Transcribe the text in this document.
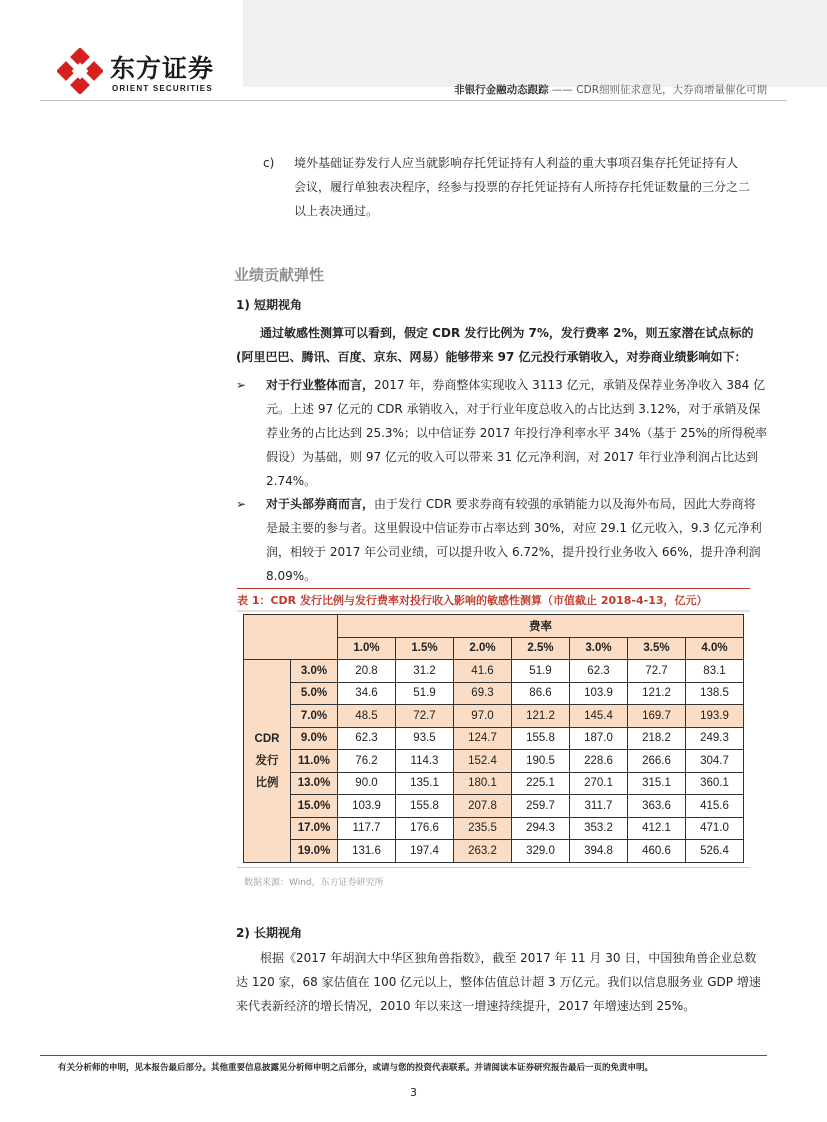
东方证券
ORIENT SECURITIES	非银行金融动态跟踪 —— CDR细则征求意见，大券商增量催化可期
c) 境外基础证券发行人应当就影响存托凭证持有人利益的重大事项召集存托凭证持有人
会议，履行单独表决程序，经参与投票的存托凭证持有人所持存托凭证数量的三分之二
以上表决通过。
业绩贡献弹性
1) 短期视角
通过敏感性测算可以看到，假定 CDR 发行比例为 7%，发行费率 2%，则五家潜在试点标的
(阿里巴巴、腾讯、百度、京东、网易）能够带来 97 亿元投行承销收入，对券商业绩影响如下：
➢ 对于行业整体而言，2017 年，券商整体实现收入 3113 亿元，承销及保荐业务净收入 384 亿
元。上述 97 亿元的 CDR 承销收入，对于行业年度总收入的占比达到 3.12%，对于承销及保
荐业务的占比达到 25.3%；以中信证券 2017 年投行净利率水平 34%（基于 25%的所得税率
假设）为基础，则 97 亿元的收入可以带来 31 亿元净利润，对 2017 年行业净利润占比达到
2.74%。
➢ 对于头部券商而言，由于发行 CDR 要求券商有较强的承销能力以及海外布局，因此大券商将
是最主要的参与者。这里假设中信证券市占率达到 30%，对应 29.1 亿元收入，9.3 亿元净利
润，相较于 2017 年公司业绩，可以提升收入 6.72%，提升投行业务收入 66%，提升净利润
8.09%。
表 1：CDR 发行比例与发行费率对投行收入影响的敏感性测算（市值截止 2018-4-13，亿元）
		费率						
		1.0%	1.5%	2.0%	2.5%	3.0%	3.5%	4.0%

CDR
发行
比例	3.0%	20.8	31.2	41.6	51.9	62.3	72.7	83.1
	5.0%	34.6	51.9	69.3	86.6	103.9	121.2	138.5
	7.0%	48.5	72.7	97.0	121.2	145.4	169.7	193.9
	9.0%	62.3	93.5	124.7	155.8	187.0	218.2	249.3
	11.0%	76.2	114.3	152.4	190.5	228.6	266.6	304.7
	13.0%	90.0	135.1	180.1	225.1	270.1	315.1	360.1
	15.0%	103.9	155.8	207.8	259.7	311.7	363.6	415.6
	17.0%	117.7	176.6	235.5	294.3	353.2	412.1	471.0
	19.0%	131.6	197.4	263.2	329.0	394.8	460.6	526.4
数据来源：Wind，东方证券研究所
2) 长期视角
根据《2017 年胡润大中华区独角兽指数》，截至 2017 年 11 月 30 日，中国独角兽企业总数
达 120 家，68 家估值在 100 亿元以上，整体估值总计超 3 万亿元。我们以信息服务业 GDP 增速
来代表新经济的增长情况，2010 年以来这一增速持续提升，2017 年增速达到 25%。
有关分析师的申明，见本报告最后部分。其他重要信息披露见分析师申明之后部分，或请与您的投资代表联系。并请阅读本证券研究报告最后一页的免责申明。
3
